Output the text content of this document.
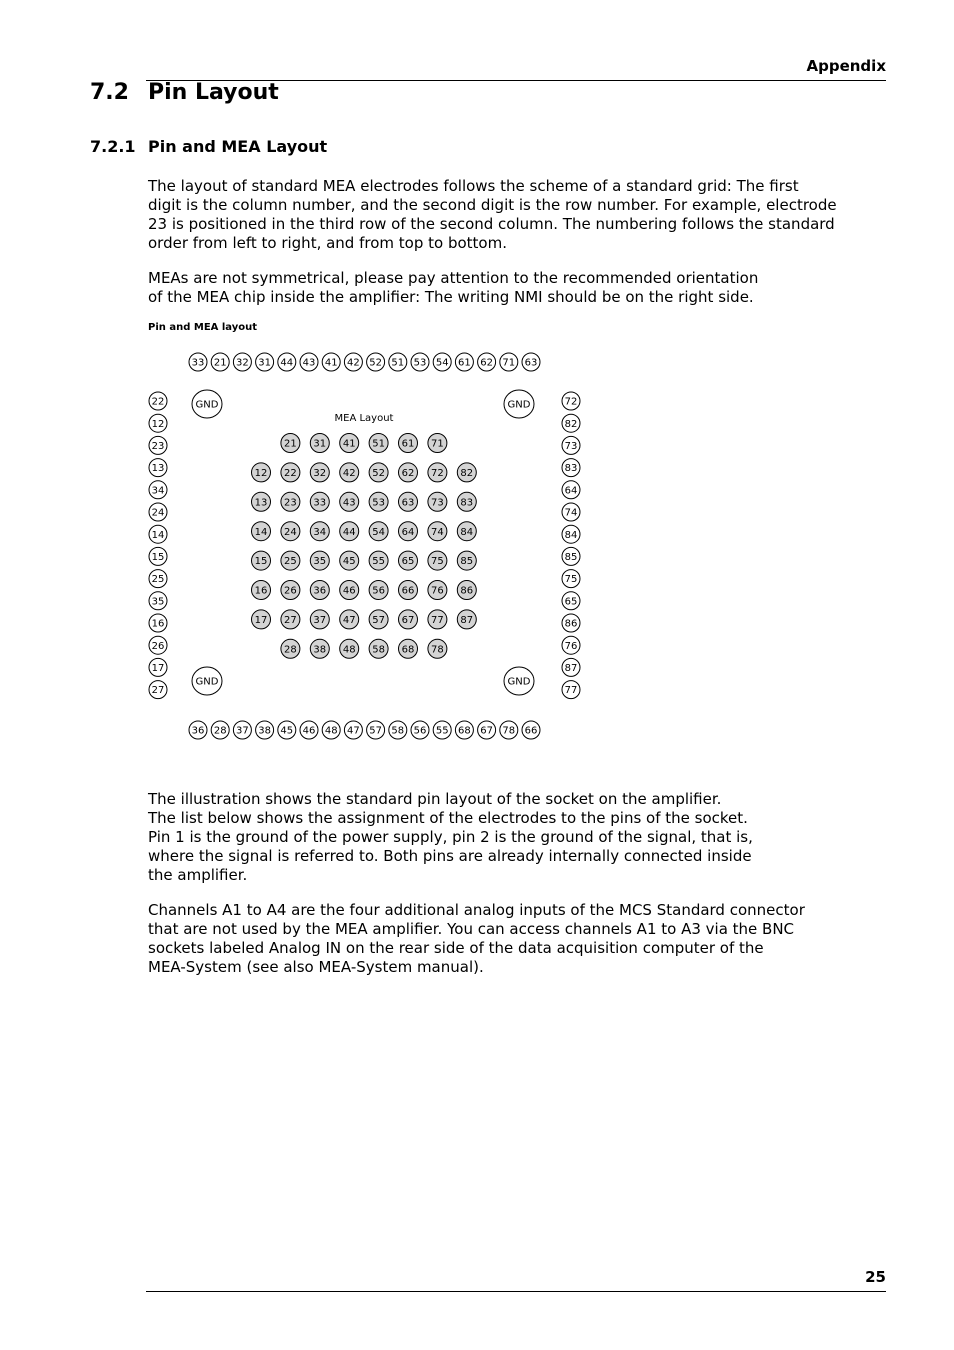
Appendix
7.2 Pin Layout
7.2.1 Pin and MEA Layout
The layout of standard MEA electrodes follows the scheme of a standard grid: The first
digit is the column number, and the second digit is the row number. For example, electrode
23 is positioned in the third row of the second column. The numbering follows the standard
order from left to right, and from top to bottom.
MEAs are not symmetrical, please pay attention to the recommended orientation
of the MEA chip inside the amplifier: The writing NMI should be on the right side.
Pin and MEA layout
33 21 32 31 44 43 41 42 52 51 53 54 61 62 71 63
36 28 37 38 45 46 48 47 57 58 56 55 68 67 78 66
22
12
23
13
34
24
14
15
25
35
16
26
17
27
72
82
73
83
64
74
84
85
75
65
86
76
87
77
GND	GND
GND	GND
MEA Layout
21 31 41 51 61 71
12 22 32 42 52 62 72 82
13 23 33 43 53 63 73 83
14 24 34 44 54 64 74 84
15 25 35 45 55 65 75 85
16 26 36 46 56 66 76 86
17 27 37 47 57 67 77 87
28 38 48 58 68 78
The illustration shows the standard pin layout of the socket on the amplifier.
The list below shows the assignment of the electrodes to the pins of the socket.
Pin 1 is the ground of the power supply, pin 2 is the ground of the signal, that is,
where the signal is referred to. Both pins are already internally connected inside
the amplifier.
Channels A1 to A4 are the four additional analog inputs of the MCS Standard connector
that are not used by the MEA amplifier. You can access channels A1 to A3 via the BNC
sockets labeled Analog IN on the rear side of the data acquisition computer of the
MEA-System (see also MEA-System manual).
25
